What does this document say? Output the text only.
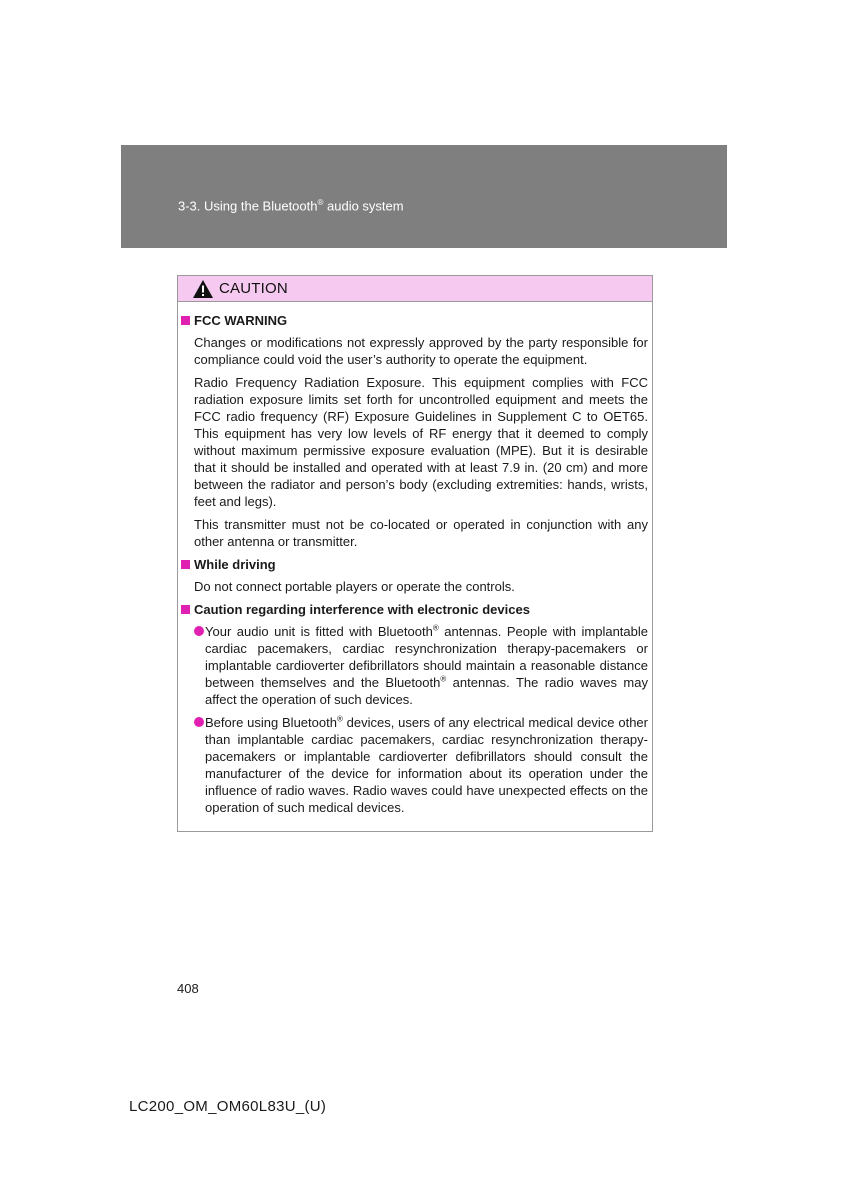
3-3. Using the Bluetooth® audio system
CAUTION
FCC WARNING

Changes or modifications not expressly approved by the party responsible for compliance could void the user’s authority to operate the equipment.

Radio Frequency Radiation Exposure. This equipment complies with FCC radiation exposure limits set forth for uncontrolled equipment and meets the FCC radio frequency (RF) Exposure Guidelines in Supplement C to OET65. This equipment has very low levels of RF energy that it deemed to comply without maximum permissive exposure evaluation (MPE). But it is desirable that it should be installed and operated with at least 7.9 in. (20 cm) and more between the radiator and person’s body (excluding extremities: hands, wrists, feet and legs).

This transmitter must not be co-located or operated in conjunction with any other antenna or transmitter.

While driving

Do not connect portable players or operate the controls.

Caution regarding interference with electronic devices
Your audio unit is fitted with Bluetooth® antennas. People with implantable cardiac pacemakers, cardiac resynchronization therapy-pacemakers or implantable cardioverter defibrillators should maintain a reasonable distance between themselves and the Bluetooth® antennas. The radio waves may affect the operation of such devices.
Before using Bluetooth® devices, users of any electrical medical device other than implantable cardiac pacemakers, cardiac resynchronization therapy-pacemakers or implantable cardioverter defibrillators should consult the manufacturer of the device for information about its operation under the influence of radio waves. Radio waves could have unexpected effects on the operation of such medical devices.
408
LC200_OM_OM60L83U_(U)
